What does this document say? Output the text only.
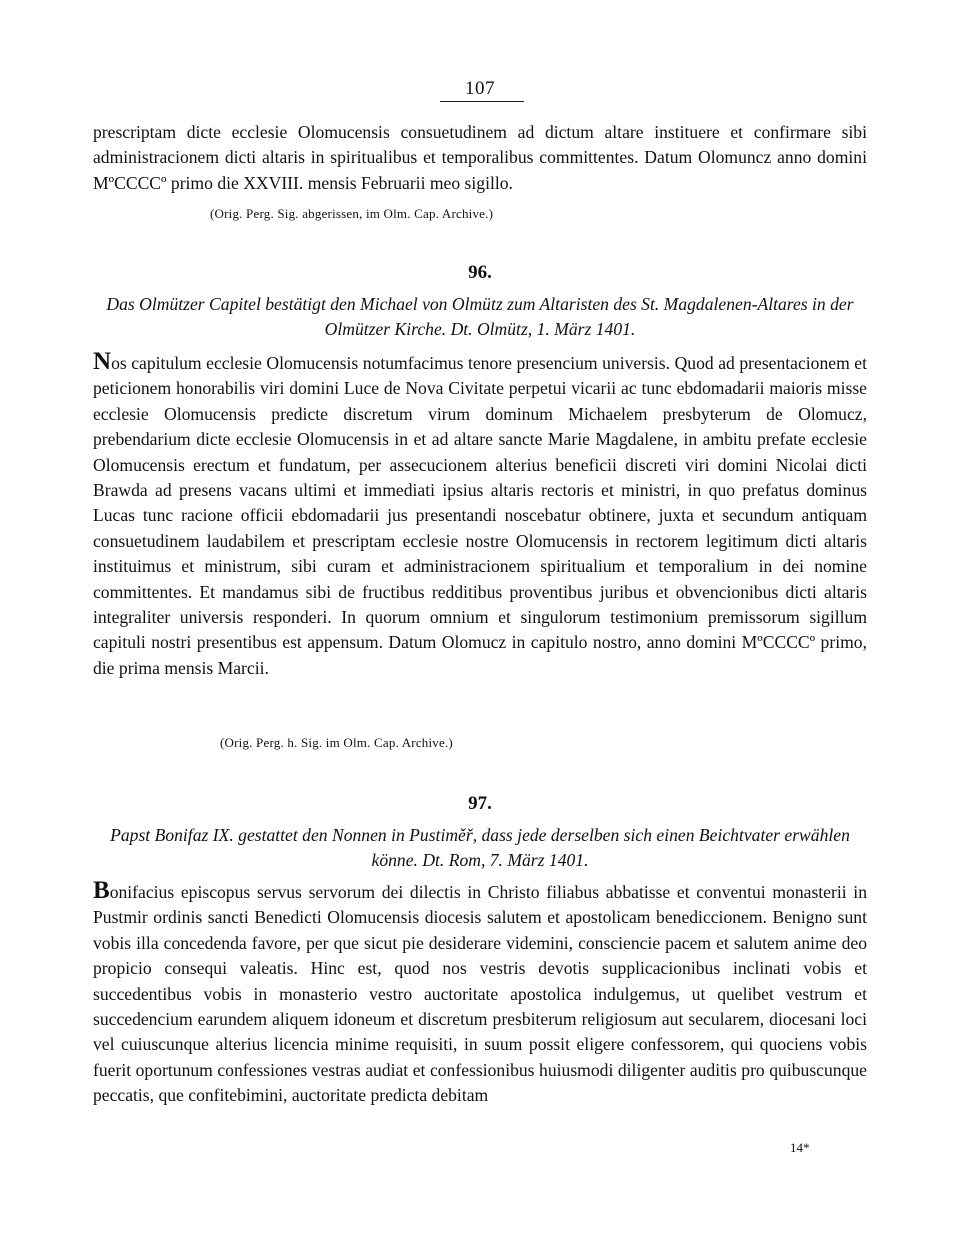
107

prescriptam dicte ecclesie Olomucensis consuetudinem ad dictum altare instituere et confirmare sibi administracionem dicti altaris in spiritualibus et temporalibus committentes. Datum Olomuncz anno domini MºCCCCº primo die XXVIII. mensis Februarii meo sigillo.

(Orig. Perg. Sig. abgerissen, im Olm. Cap. Archive.)

96.

Das Olmützer Capitel bestätigt den Michael von Olmütz zum Altaristen des St. Magdalenen-Altares in der Olmützer Kirche. Dt. Olmütz, 1. März 1401.

Nos capitulum ecclesie Olomucensis notumfacimus tenore presencium universis. Quod ad presentacionem et peticionem honorabilis viri domini Luce de Nova Civitate perpetui vicarii ac tunc ebdomadarii maioris misse ecclesie Olomucensis predicte discretum virum dominum Michaelem presbyterum de Olomucz, prebendarium dicte ecclesie Olomucensis in et ad altare sancte Marie Magdalene, in ambitu prefate ecclesie Olomucensis erectum et fundatum, per assecucionem alterius beneficii discreti viri domini Nicolai dicti Brawda ad presens vacans ultimi et immediati ipsius altaris rectoris et ministri, in quo prefatus dominus Lucas tunc racione officii ebdomadarii jus presentandi noscebatur obtinere, juxta et secundum antiquam consuetudinem laudabilem et prescriptam ecclesie nostre Olomucensis in rectorem legitimum dicti altaris instituimus et ministrum, sibi curam et administracionem spiritualium et temporalium in dei nomine committentes. Et mandamus sibi de fructibus redditibus proventibus juribus et obvencionibus dicti altaris integraliter universis responderi. In quorum omnium et singulorum testimonium premissorum sigillum capituli nostri presentibus est appensum. Datum Olomucz in capitulo nostro, anno domini MºCCCCº primo, die prima mensis Marcii.

(Orig. Perg. h. Sig. im Olm. Cap. Archive.)

97.

Papst Bonifaz IX. gestattet den Nonnen in Pustiměř, dass jede derselben sich einen Beichtvater erwählen könne. Dt. Rom, 7. März 1401.

Bonifacius episcopus servus servorum dei dilectis in Christo filiabus abbatisse et conventui monasterii in Pustmir ordinis sancti Benedicti Olomucensis diocesis salutem et apostolicam benediccionem. Benigno sunt vobis illa concedenda favore, per que sicut pie desiderare videmini, consciencie pacem et salutem anime deo propicio consequi valeatis. Hinc est, quod nos vestris devotis supplicacionibus inclinati vobis et succedentibus vobis in monasterio vestro auctoritate apostolica indulgemus, ut quelibet vestrum et succedencium earundem aliquem idoneum et discretum presbiterum religiosum aut secularem, diocesani loci vel cuiuscunque alterius licencia minime requisiti, in suum possit eligere confessorem, qui quociens vobis fuerit oportunum confessiones vestras audiat et confessionibus huiusmodi diligenter auditis pro quibuscunque peccatis, que confitebimini, auctoritate predicta debitam

14*
